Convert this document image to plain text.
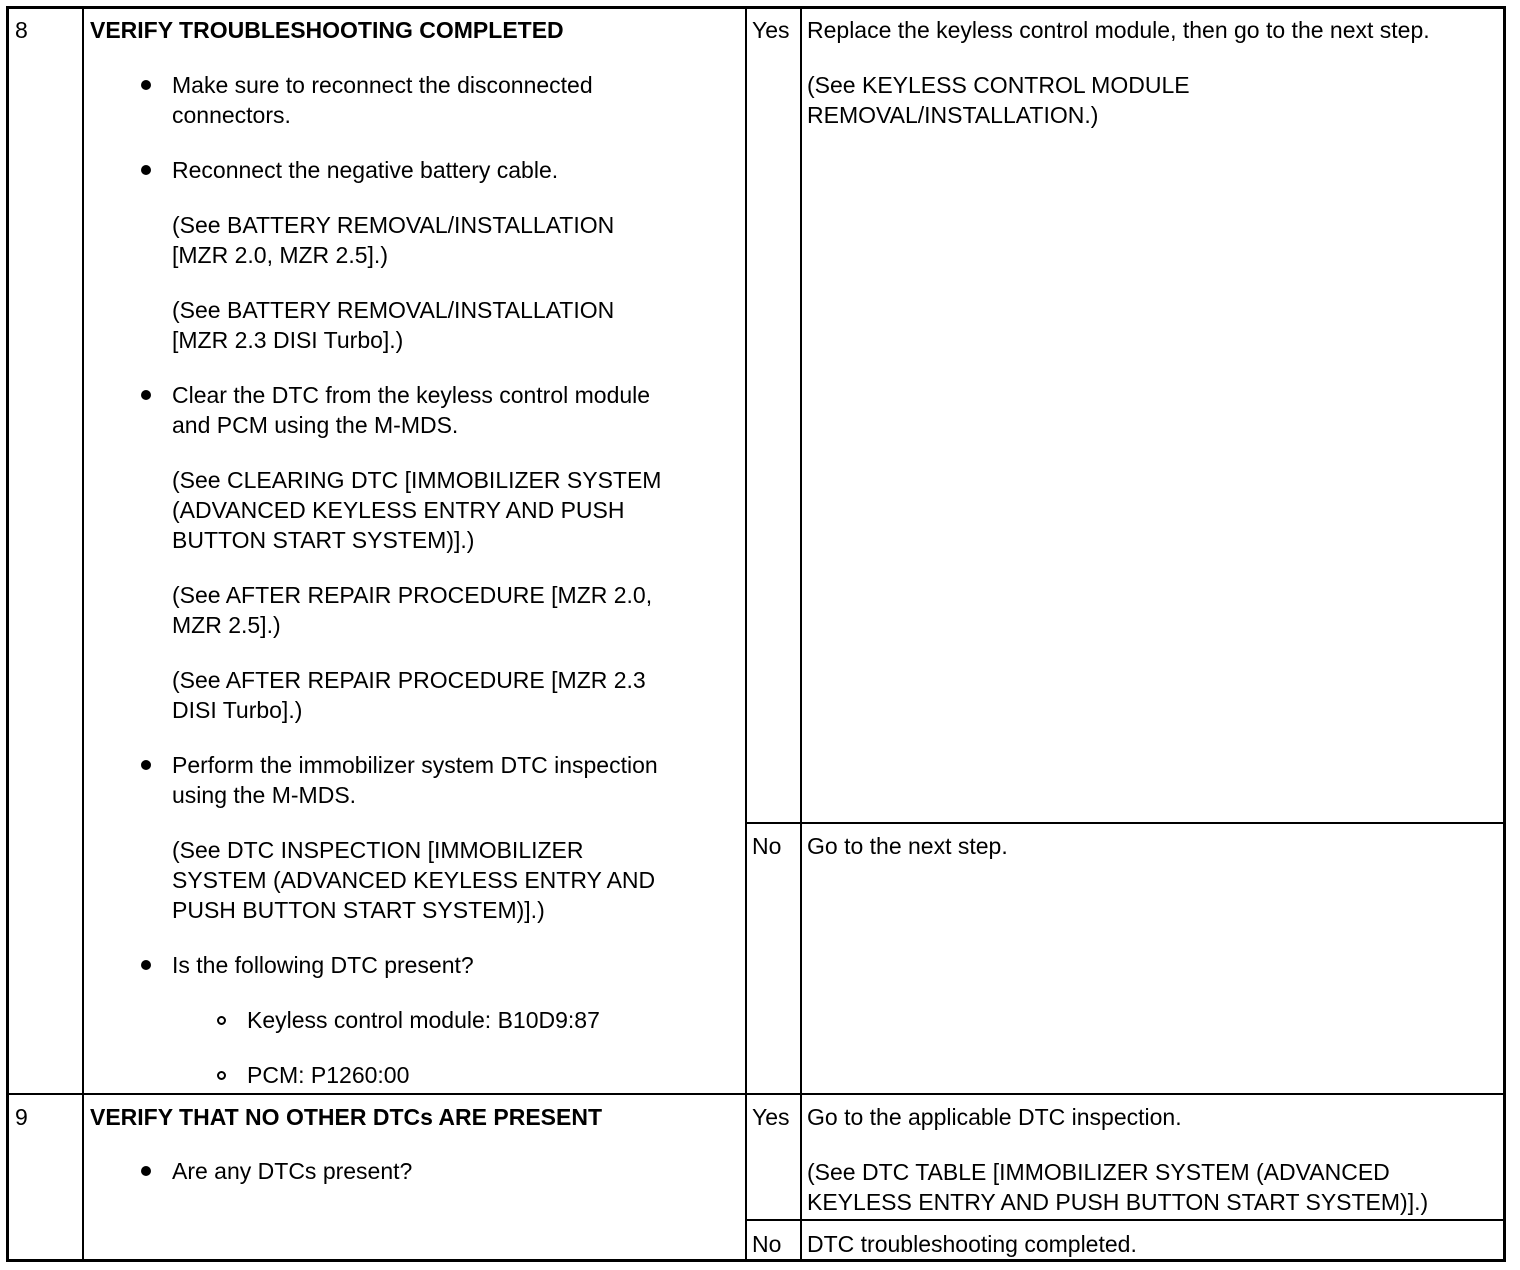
8	VERIFY TROUBLESHOOTING COMPLETED
Make sure to reconnect the disconnected
connectors.
Reconnect the negative battery cable.
(See BATTERY REMOVAL/INSTALLATION
[MZR 2.0, MZR 2.5].)
(See BATTERY REMOVAL/INSTALLATION
[MZR 2.3 DISI Turbo].)
Clear the DTC from the keyless control module
and PCM using the M-MDS.
(See CLEARING DTC [IMMOBILIZER SYSTEM
(ADVANCED KEYLESS ENTRY AND PUSH
BUTTON START SYSTEM)].)
(See AFTER REPAIR PROCEDURE [MZR 2.0,
MZR 2.5].)
(See AFTER REPAIR PROCEDURE [MZR 2.3
DISI Turbo].)
Perform the immobilizer system DTC inspection
using the M-MDS.
(See DTC INSPECTION [IMMOBILIZER
SYSTEM (ADVANCED KEYLESS ENTRY AND
PUSH BUTTON START SYSTEM)].)
Is the following DTC present?
Keyless control module: B10D9:87
PCM: P1260:00
Yes Replace the keyless control module, then go to the next step.
(See KEYLESS CONTROL MODULE
REMOVAL/INSTALLATION.)
No Go to the next step.
9	VERIFY THAT NO OTHER DTCs ARE PRESENT
Are any DTCs present?
Yes Go to the applicable DTC inspection.
(See DTC TABLE [IMMOBILIZER SYSTEM (ADVANCED
KEYLESS ENTRY AND PUSH BUTTON START SYSTEM)].)
No DTC troubleshooting completed.
